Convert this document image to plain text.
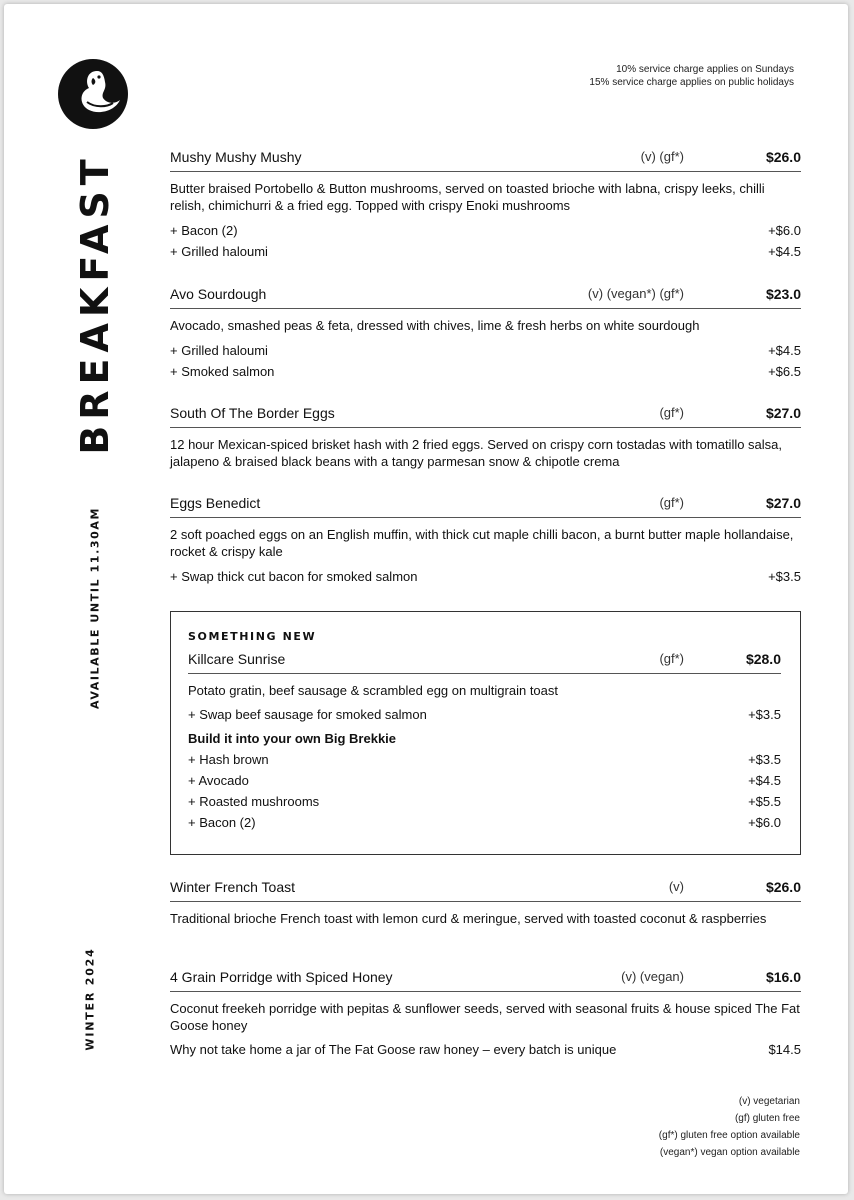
BREAKFAST
AVAILABLE UNTIL 11.30AM
WINTER 2024
10% service charge applies on Sundays
15% service charge applies on public holidays
Mushy Mushy Mushy	(v) (gf*)	$26.0
Butter braised Portobello & Button mushrooms, served on toasted brioche with labna, crispy leeks, chilli relish, chimichurri & a fried egg. Topped with crispy Enoki mushrooms
+ Bacon (2)	+$6.0
+ Grilled haloumi	+$4.5
Avo Sourdough	(v) (vegan*) (gf*)	$23.0
Avocado, smashed peas & feta, dressed with chives, lime & fresh herbs on white sourdough
+ Grilled haloumi	+$4.5
+ Smoked salmon	+$6.5
South Of The Border Eggs	(gf*)	$27.0
12 hour Mexican-spiced brisket hash with 2 fried eggs. Served on crispy corn tostadas with tomatillo salsa, jalapeno & braised black beans with a tangy parmesan snow & chipotle crema
Eggs Benedict	(gf*)	$27.0
2 soft poached eggs on an English muffin, with thick cut maple chilli bacon, a burnt butter maple hollandaise, rocket & crispy kale
+ Swap thick cut bacon for smoked salmon	+$3.5
SOMETHING NEW
Killcare Sunrise	(gf*)	$28.0
Potato gratin, beef sausage & scrambled egg on multigrain toast
+ Swap beef sausage for smoked salmon	+$3.5
Build it into your own Big Brekkie
+ Hash brown	+$3.5
+ Avocado	+$4.5
+ Roasted mushrooms	+$5.5
+ Bacon (2)	+$6.0
Winter French Toast	(v)	$26.0
Traditional brioche French toast with lemon curd & meringue, served with toasted coconut & raspberries
4 Grain Porridge with Spiced Honey	(v) (vegan)	$16.0
Coconut freekeh porridge with pepitas & sunflower seeds, served with seasonal fruits & house spiced The Fat Goose honey
Why not take home a jar of The Fat Goose raw honey – every batch is unique	$14.5
(v) vegetarian
(gf) gluten free
(gf*) gluten free option available
(vegan*) vegan option available
